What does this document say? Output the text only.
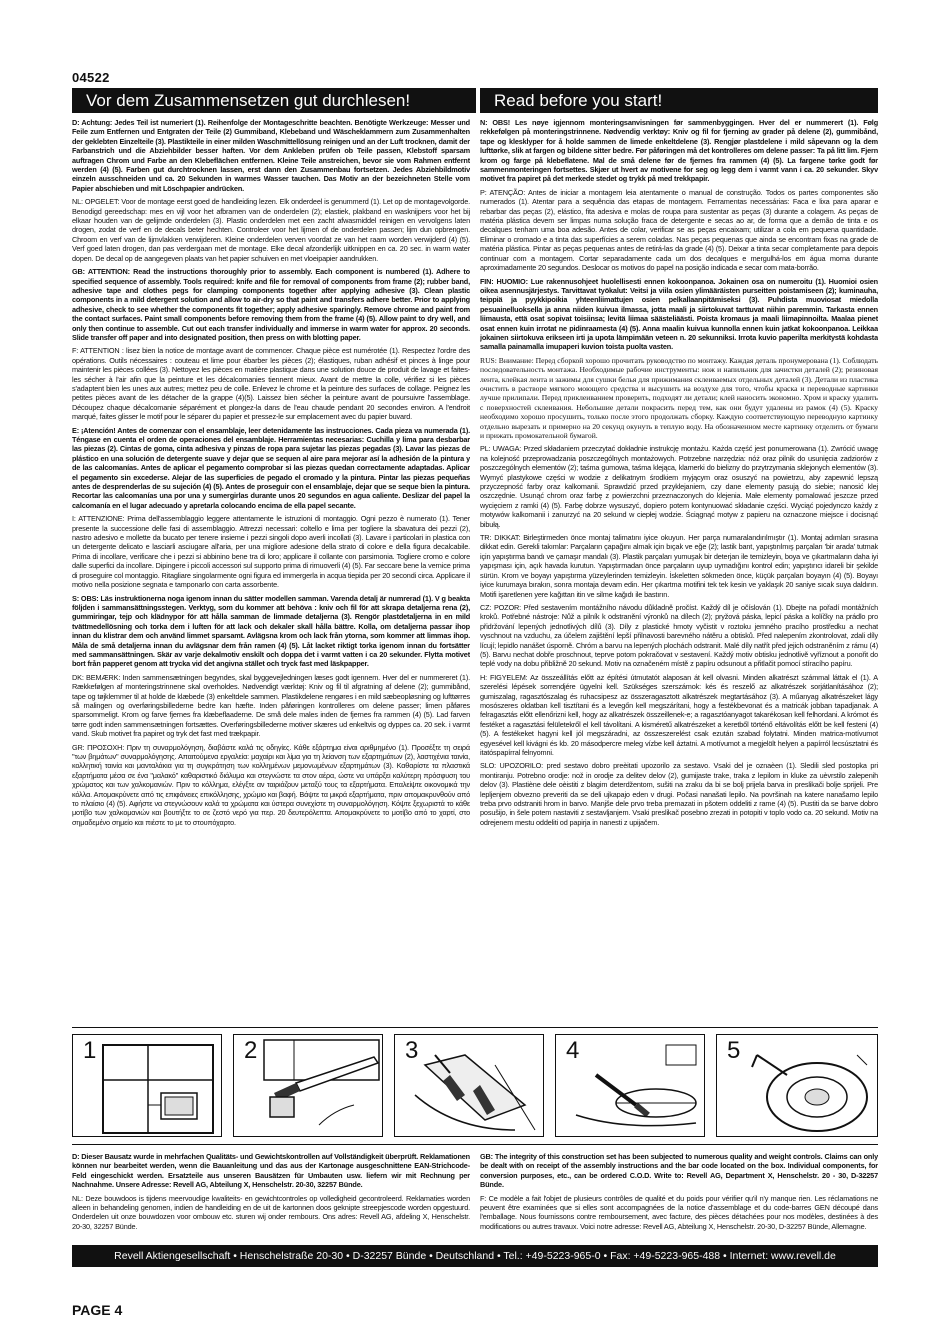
04522
Vor dem Zusammensetzen gut durchlesen!	Read before you start!

D: Achtung: Jedes Teil ist numeriert (1). Reihenfolge der Montageschritte beachten. Benötigte Werkzeuge: Messer und Feile zum Entfernen und Entgraten der Teile (2) Gummiband, Klebeband und Wäscheklammern zum Zusammenhalten der geklebten Einzelteile (3). Plastikteile in einer milden Waschmittellösung reinigen und an der Luft trocknen, damit der Farbanstrich und die Abziehbilder besser haften. Vor dem Ankleben prüfen ob Teile passen, Klebstoff sparsam auftragen Chrom und Farbe an den Klebeflächen entfernen. Kleine Teile anstreichen, bevor sie vom Rahmen entfernt werden (4) (5). Farben gut durchtrocknen lassen, erst dann den Zusammenbau fortsetzen. Jedes Abziehbildmotiv einzeln ausschneiden und ca. 20 Sekunden in warmes Wasser tauchen. Das Motiv an der bezeichneten Stelle vom Papier abschieben und mit Löschpapier andrücken.

NL: OPGELET: Voor de montage eerst goed de handleiding lezen. Elk onderdeel is genummerd (1). Let op de montagevolgorde. Benodigd gereedschap: mes en vijl voor het afbramen van de onderdelen (2); elastiek, plakband en wasknijpers voor het bij elkaar houden van de gelijmde onderdelen (3). Plastic onderdelen met een zacht afwasmiddel reinigen en vervolgens laten drogen, zodat de verf en de decals beter hechten. Controleer voor het lijmen of de onderdelen passen; lijm dun opbrengen. Chroom en verf van de lijmvlakken verwijderen. Kleine onderdelen verven voordat ze van het raam worden verwijderd (4) (5). Verf goed laten drogen, dan pas verdergaan met de montage. Elke decal afzonderlijk uitknippen en ca. 20 sec. in warm water dopen. De decal op de aangegeven plaats van het papier schuiven en met vloeipapier aandrukken.

GB: ATTENTION: Read the instructions thoroughly prior to assembly. Each component is numbered (1). Adhere to specified sequence of assembly. Tools required: knife and file for removal of components from frame (2); rubber band, adhesive tape and clothes pegs for clamping components together after applying adhesive (3). Clean plastic components in a mild detergent solution and allow to air-dry so that paint and transfers adhere better. Prior to applying adhesive, check to see whether the components fit together; apply adhesive sparingly. Remove chrome and paint from the contact surfaces. Paint small components before removing them from the frame (4) (5). Allow paint to dry well, and only then continue to assemble. Cut out each transfer individually and immerse in warm water for approx. 20 seconds. Slide transfer off paper and into designated position, then press on with blotting paper.

F: ATTENTION : lisez bien la notice de montage avant de commencer. Chaque pièce est numérotée (1). Respectez l'ordre des opérations. Outils nécessaires : couteau et lime pour ébarber les pièces (2); élastiques, ruban adhésif et pinces à linge pour maintenir les pièces collées (3). Nettoyez les pièces en matière plastique dans une solution douce de produit de lavage et faites-les sécher à l'air afin que la peinture et les décalcomanies tiennent mieux. Avant de mettre la colle, vérifiez si les pièces s'adaptent bien les unes aux autres; mettez peu de colle. Enlevez le chrome et la peinture des surfaces de collage. Peignez les petites pièces avant de les détacher de la grappe (4)(5). Laissez bien sécher la peinture avant de poursuivre l'assemblage. Découpez chaque décalcomanie séparément et plongez-la dans de l'eau chaude pendant 20 secondes environ. A l'endroit marqué, faites glisser le motif pour le séparer du papier et pressez-le sur emplacement avec du papier buvard.

E: ¡Atención! Antes de comenzar con el ensamblaje, leer detenidamente las instrucciones. Cada pieza va numerada (1). Téngase en cuenta el orden de operaciones del ensamblaje. Herramientas necesarias: Cuchilla y lima para desbarbar las piezas (2). Cintas de goma, cinta adhesiva y pinzas de ropa para sujetar las piezas pegadas (3). Lavar las piezas de plástico en una solución de detergente suave y dejar que se sequen al aire para mejorar así la adhesión de la pintura y de las calcomanías. Antes de aplicar el pegamento comprobar si las piezas quedan correctamente adaptadas. Aplicar el pegamento sin excederse. Alejar de las superficies de pegado el cromado y la pintura. Pintar las piezas pequeñas antes de desprenderlas de su sujeción (4) (5). Antes de proseguir con el ensamblaje, dejar que se seque bien la pintura. Recortar las calcomanías una por una y sumergirlas durante unos 20 segundos en agua caliente. Deslizar del papel la calcomanía en el lugar adecuado y apretarla colocando encima de ella papel secante.

I: ATTENZIONE: Prima dell'assemblaggio leggere attentamente le istruzioni di montaggio. Ogni pezzo è numerato (1). Tener presente la successione delle fasi di assemblaggio. Attrezzi necessari: coltello e lima per togliere la sbavatura dei pezzi (2), nastro adesivo e mollette da bucato per tenere insieme i pezzi singoli dopo averli incollati (3). Lavare i particolari in plastica con un detergente delicato e lasciarli asciugare all'aria, per una migliore adesione della strato di colore e della figura decalcabile. Prima di incollare, verificare che i pezzi si abbinino bene tra di loro; applicare il collante con parsimonia. Togliere cromo e colore dalle superfici da incollare. Dipingere i piccoli accessori sul supporto prima di rimuoverli (4) (5). Far seccare bene la vernice prima di proseguire col montaggio. Ritagliare singolarmente ogni figura ed immergerla in acqua tiepida per 20 secondi circa. Applicare il motivo nella posizione segnata e tamponarlo con carta assorbente.

S: OBS: Läs instruktionerna noga igenom innan du sätter modellen samman. Varenda detalj är numrerad (1). V g beakta följden i sammansättningsstegen. Verktyg, som du kommer att behöva : kniv och fil för att skrapa detaljerna rena (2), gummiringar, tejp och klädnypor för att hålla samman de limmade detaljerna (3). Rengör plastdetaljerna in en mild tvättmedellösning och torka dem i luften för att lack och dekaler skall hålla bättre. Kolla, om detaljerna passar ihop innan du klistrar dem och använd limmet sparsamt. Avlägsna krom och lack från ytorna, som kommer att limmas ihop. Måla de små detaljerna innan du avlägsnar dem från ramen (4) (5). Låt lacket riktigt torka igenom innan du fortsätter med sammansättningen. Skär av varje dekalmotiv enskilt och doppa det i varmt vatten i ca 20 sekunder. Flytta motivet bort från papperet genom att trycka vid det angivna stället och tryck fast med läskpapper.

DK: BEMÆRK: Inden sammensætningen begyndes, skal byggevejledningen læses godt igennem. Hver del er nummereret (1). Rækkefølgen af monteringstrinnene skal overholdes. Nødvendigt værktøj: Kniv og fil til afgratning af delene (2); gummibånd, tape og tøjklemmer til at holde de klæbede (3) enkeltdele sammen. Plastikdelene rengøres i en mild sæbeopløsning og lufttørres så malingen og overføringsbillederne bedre kan hæfte. Inden påføringen kontrolleres om delene passer; limen påføres sparsommeligt. Krom og farve fjernes fra klæbeflaaderne. De små dele males inden de fjernes fra rammen (4) (5). Lad farven tørre godt inden sammensætningen fortsættes. Overføringsbillederne motiver skæres ud enkeltvis og dyppes ca. 20 sek. i varmt vand. Skub motivet fra papiret og tryk det fast med trækpapir.

GR: ΠΡΟΣΟΧΗ: Πριν τη συναρμολόγηση, διαβάστε καλά τις οδηγίες. Κάθε εξάρτημα είναι αριθμημένο (1). Προσέξτε τη σειρά "των βημάτων" συναρμολόγησης. Απαιτούμενα εργαλεία: μαχαίρι και λίμα για τη λείανση των εξαρτημάτων (2), λαστιχένια ταινία, κολλητική ταινία και μανταλάκια για τη συγκράτηση των κολλημένων μεμονωμένων εξαρτημάτων (3). Καθαρίστε τα πλαστικά εξαρτήματα μέσα σε ένα "μαλακό" καθαριστικό διάλυμα και στεγνώστε τα στον αέρα, ώστε να υπάρξει καλύτερη πρόσφυση του χρώματος και των χαλκομανιών. Πριν το κόλλημα, ελέγξτε αν ταιριάζουν μεταξύ τους τα εξαρτήματα. Επαλείψτε οικονομικά την κόλλα. Απομακρύνετε από τις επιφάνειες επικόλλησης, χρώμιο και βαφή. Βάψτε τα μικρά εξαρτήματα, πριν απομακρυνθούν από το πλαίσιο (4) (5). Αφήστε να στεγνώσουν καλά τα χρώματα και ύστερα συνεχίστε τη συναρμολόγηση. Κόψτε ξεχωριστά το κάθε μοτίβο των χαλκομανιών και βουτήξτε το σε ζεστό νερό για περ. 20 δευτερόλεπτα. Απομακρύνετε το μοτίβο από το χαρτί, στο σημαδεμένο σημείο και πιέστε το με το στουπόχαρτο.

N: OBS! Les nøye igjennom monteringsanvisningen før sammenbyggingen. Hver del er nummerert (1). Følg rekkefølgen på monteringstrinnene. Nødvendig verktøy: Kniv og fil for fjerning av grader på delene (2), gummibånd, tape og klesklyper for å holde sammen de limede enkeltdelene (3). Rengjør plastdelene i mild såpevann og la dem lufttørke, slik at fargen og bildene sitter bedre. Før påføringen må det kontrolleres om delene passer: Ta på litt lim. Fjern krom og farge på klebeflatene. Mal de små delene før de fjernes fra rammen (4) (5). La fargene tørke godt før sammenmonteringen fortsettes. Skjær ut hvert av motivene for seg og legg dem i varmt vann i ca. 20 sekunder. Skyv motivet fra papiret på det merkede stedet og trykk på med trekkpapir.

P: ATENÇÃO: Antes de iniciar a montagem leia atentamente o manual de construção. Todos os partes componentes são numerados (1). Atentar para a sequência das etapas de montagem. Ferramentas necessárias: Faca e lixa para aparar e rebarbar das peças (2), elástico, fita adesiva e molas de roupa para sustentar as peças (3) durante a colagem. As peças de matéria plástica devem ser limpas numa solução fraca de detergente e secas ao ar, de forma que a demão de tinta e os decalques tenham uma boa adesão. Antes de colar, verificar se as peças encaixam; utilizar a cola em pequena quantidade. Eliminar o cromado e a tinta das superfícies a serem coladas. Nas peças pequenas que ainda se encontram fixas na grade de matéria plástica. Pintar as peças pequenas antes de retirá-las da grade (4) (5). Deixar a tinta secar completamente para depois continuar com a montagem. Cortar separadamente cada um dos decalques e mergulhá-los em água morna durante aproximadamente 20 segundos. Deslocar os motivos do papel na posição indicada e secar com mata-borrão.

FIN: HUOMIO: Lue rakennusohjeet huolellisesti ennen kokoonpanoa. Jokainen osa on numeroitu (1). Huomioi osien oikea asennusjärjestys. Tarvittavat työkalut: Veitsi ja viila osien ylimääräisten purseitten poistamiseen (2); kuminauha, teippiä ja pyykkipoikia yhteenliimattujen osien pelkallaanpitämiseksi (3). Puhdista muoviosat miedolla pesuainelluoksella ja anna niiden kuivua ilmassa, jotta maali ja siirtokuvat tarttuvat niihin paremmin. Tarkasta ennen liimausta, että osat sopivat toisiinsa; levitä liimaa säästeliäästi. Poista kromaus ja maali liimapinnoilta. Maalaa pienet osat ennen kuin irrotat ne pidinraamesta (4) (5). Anna maalin kuivua kunnolla ennen kuin jatkat kokoonpanoa. Leikkaa jokainen siirtokuva erikseen irti ja upota lämpimään veteen n. 20 sekunniksi. Irrota kuvio paperilta merkitystä kohdasta samalla painamalla imupaperi kuvion toista puolta vasten.

RUS: Внимание: Перед сборкой хорошо прочитать руководство по монтажу. Каждая деталь пронумерована (1). Соблюдать последовательность монтажа. Необходимые рабочие инструменты: нож и напильник для зачистки деталей (2); резиновая лента, клейкая лента и зажимы для сушки белья для прижимания склеиваемых отдельных деталей (3). Детали из пластика очистить в растворе мягкого моющего средства и высушить на воздухе для того, чтобы краска и переводные картинки лучше прилипали. Перед приклеиванием проверить, подходят ли детали; клей наносить экономно. Хром и краску удалить с поверхностей склеивания. Небольшие детали покрасить перед тем, как они будут удалены из рамок (4) (5). Краску необходимо хорошо просушить, только после этого продолжать сборку. Каждую соответствующую переводную картинку отдельно вырезать и примерно на 20 секунд окунуть в теплую воду. На обозначенном месте картинку отделить от бумаги и прижать промокательной бумагой.

PL: UWAGA: Przed składaniem przeczytać dokładnie instrukcję montażu. Każda część jest ponumerowana (1). Zwrócić uwagę na kolejność przeprowadzania poszczególnych montażowych. Potrzebne narzędzia: nóż oraz pilnik do usunięcia zadziorów z poszczególnych elementów (2); taśma gumowa, taśma klejąca, klamerki do bielizny do przytrzymania sklejonych elementów (3). Wymyć plastykowe części w wodzie z delikatnym środkiem myjącym oraz osuszyć na powietrzu, aby zapewnić lepszą przyczepność farby oraz kalkomanii. Sprawdzić przed przyklejaniem, czy dane elementy pasują do siebie; nanosić klej oszczędnie. Usunąć chrom oraz farbę z powierzchni przeznaczonych do klejenia. Małe elementy pomalować jeszcze przed wycięciem z ramki (4) (5). Farbę dobrze wysuszyć, dopiero potem kontynuować składanie części. Wyciąć pojedynczo każdy z motywów kalkomanii i zanurzyć na 20 sekund w ciepłej wodzie. Ściągnąć motyw z papieru na oznaczone miejsce i docisnąć bibułą.

TR: DIKKAT: Birleştirmeden önce montaj talimatını iyice okuyun. Her parça numaralandırılmıştır (1). Montaj adımları sırasına dikkat edin. Gerekli takımlar: Parçaların çapağını almak için bıçak ve eğe (2); lastik bant, yapıştırılmış parçaları 'bir arada' tutmak için yapıştırma bandı ve çamaşır mandalı (3). Plastik parçaları yumuşak bir deterjan ile temizleyin, boya ve çıkartmaların daha iyi yapışması için, açık havada kurutun. Yapıştırmadan önce parçaların uyup uymadığını kontrol edin; yapıştırıcı idareli bir şekilde sürün. Krom ve boyayı yapıştırma yüzeylerinden temizleyin. İskeletten sökmeden önce, küçük parçaları boyayın (4) (5). Boyayı iyice kurumaya bırakın, sonra montaja devam edin. Her çıkartma motifini tek tek kesin ve yaklaşık 20 saniye sıcak suya daldırın. Motifi işaretlenen yere kağıttan itin ve silme kağıdı ile bastırın.

CZ: POZOR: Před sestavením montážního návodu důkladně pročíst. Každý díl je očíslován (1). Dbejte na pořadí montážních kroků. Potřebné nástroje: Nůž a pilník k odstranění výronků na dílech (2); pryžová páska, lepicí páska a kolíčky na prádlo pro přidržování lepených jednotlivých dílů (3). Díly z plastické hmoty vyčistit v roztoku jemného pracího prostředku a nechat vyschnout na vzduchu, za účelem zajištění lepší přilnavosti barevného nátěru a obtisků. Před nalepením zkontrolovat, zdali díly lícují; lepidlo nanášet úsporně. Chróm a barvu na lepených plochách odstranit. Malé díly natřít před jejich odstraněním z rámu (4) (5). Barvu nechat dobře proschnout, teprve potom pokračovat v sestavení. Každý motiv obtisku jednotlivě vyříznout a ponořit do teplé vody na dobu přibližně 20 sekund. Motiv na označeném místě z papíru odsunout a přitlačit pomocí stíracího papíru.

H: FIGYELEM: Az összeállítás előtt az építési útmutatót alaposan át kell olvasni. Minden alkatrészt számmal láttak el (1). A szerelési lépések sorrendjére ügyelni kell. Szükséges szerszámok: kés és reszelő az alkatrészek sorjátlanításához (2); gumiszalag, ragasztószalag és ruhacsipesz az összeragasztott alkatrészek megtartásához (3). A műanyag alkatrészeket lágy mosószeres oldatban kell tisztítani és a levegőn kell megszárítani, hogy a festékbevonat és a matricák jobban tapadjanak. A felragasztás előtt ellenőrizni kell, hogy az alkatrészek összeillenek-e; a ragasztóanyagot takarékosan kell felhordani. A krómot és festéket a ragasztási felületekről el kell távolítani. A kisméretű alkatrészeket a keretből történő eltávolítás előtt be kell festeni (4) (5). A festékeket hagyni kell jól megszáradni, az összeszerelést csak ezután szabad folytatni. Minden matrica-motívumot egyesével kell kivágni és kb. 20 másodpercre meleg vízbe kell áztatni. A motívumot a megjelölt helyen a papírról lecsúsztatni és itatóspapírral felnyomni.

SLO: UPOZORILO: pred sestavo dobro preèitati upozorilo za sestavo. Vsaki del je oznaèen (1). Sledili sled postopka pri montiranju. Potrebno orodje: nož in orodje za delitev delov (2), gumijaste trake, traka z lepilom in kluke za uèvrstilo zalepenih delov (3). Plastiène dele oèistiti z blagim deterdžentom, sušiti na zraku da bi se bolj prijela barva in preslikači bolje sprijeli. Pre lepljenjem obvezno preveriti da se deli ujkapajo eden v drugi. Počasi nanašati lepilo. Na površinah na katere nanašamo lepilo treba prvo odstraniti hrom in barvo. Manjše dele prvo treba premazati in pšotem oddeliti z rame (4) (5). Pustiti da se barve dobro posušijo, in šele potem nastaviti z sestavljanjem. Vsaki preslikač posebno zrezati in potopiti v toplo vodo ca. 20 sekund. Motiv na odrejenem mestu oddeliti od papirja in nanesti z upijačem.

1	2	3	4	5

D: Dieser Bausatz wurde in mehrfachen Qualitäts- und Gewichtskontrollen auf Vollständigkeit überprüft. Reklamationen können nur bearbeitet werden, wenn die Bauanleitung und das aus der Kartonage ausgeschnittene EAN-Strichcode-Feld eingeschickt werden. Ersatzteile aus unseren Bausätzen für Umbauten usw. liefern wir mit Rechnung per Nachnahme. Unsere Adresse: Revell AG, Abteilung X, Henschelstr. 20-30, 32257 Bünde.

NL: Deze bouwdoos is tijdens meervoudige kwaliteits- en gewichtcontroles op volledigheid gecontroleerd. Reklamaties worden alleen in behandeling genomen, indien de handleiding en de uit de kartonnen doos geknipte streepjescode worden opgestuurd. Onderdelen uit onze bouwdozen voor ombouw etc. sturen wij onder rembours. Ons adres: Revell AG, afdeling X, Henschelstr. 20-30, 32257 Bünde.

GB: The integrity of this construction set has been subjected to numerous quality and weight controls. Claims can only be dealt with on receipt of the assembly instructions and the bar code located on the box. Individual components, for conversion purposes, etc., can be ordered C.O.D. Write to: Revell AG, Department X, Henschelstr. 20 - 30, D-32257 Bünde.

F: Ce modèle a fait l'objet de plusieurs contrôles de qualité et du poids pour vérifier qu'il n'y manque rien. Les réclamations ne peuvent être examinées que si elles sont accompagnées de la notice d'assemblage et du code-barres GEN découpé dans l'emballage. Nous fournissons contre remboursement, avec facture, des pièces détachées pour nos modèles, destinées à des modifications ou autres travaux. Voici notre adresse: Revell AG, Abteilung X, Henschelstr. 20-30, D-32257 Bünde, Allemagne.

Revell Aktiengesellschaft • Henschelstraße 20-30 • D-32257 Bünde • Deutschland • Tel.: +49-5223-965-0 • Fax: +49-5223-965-488 • Internet: www.revell.de
PAGE 4
